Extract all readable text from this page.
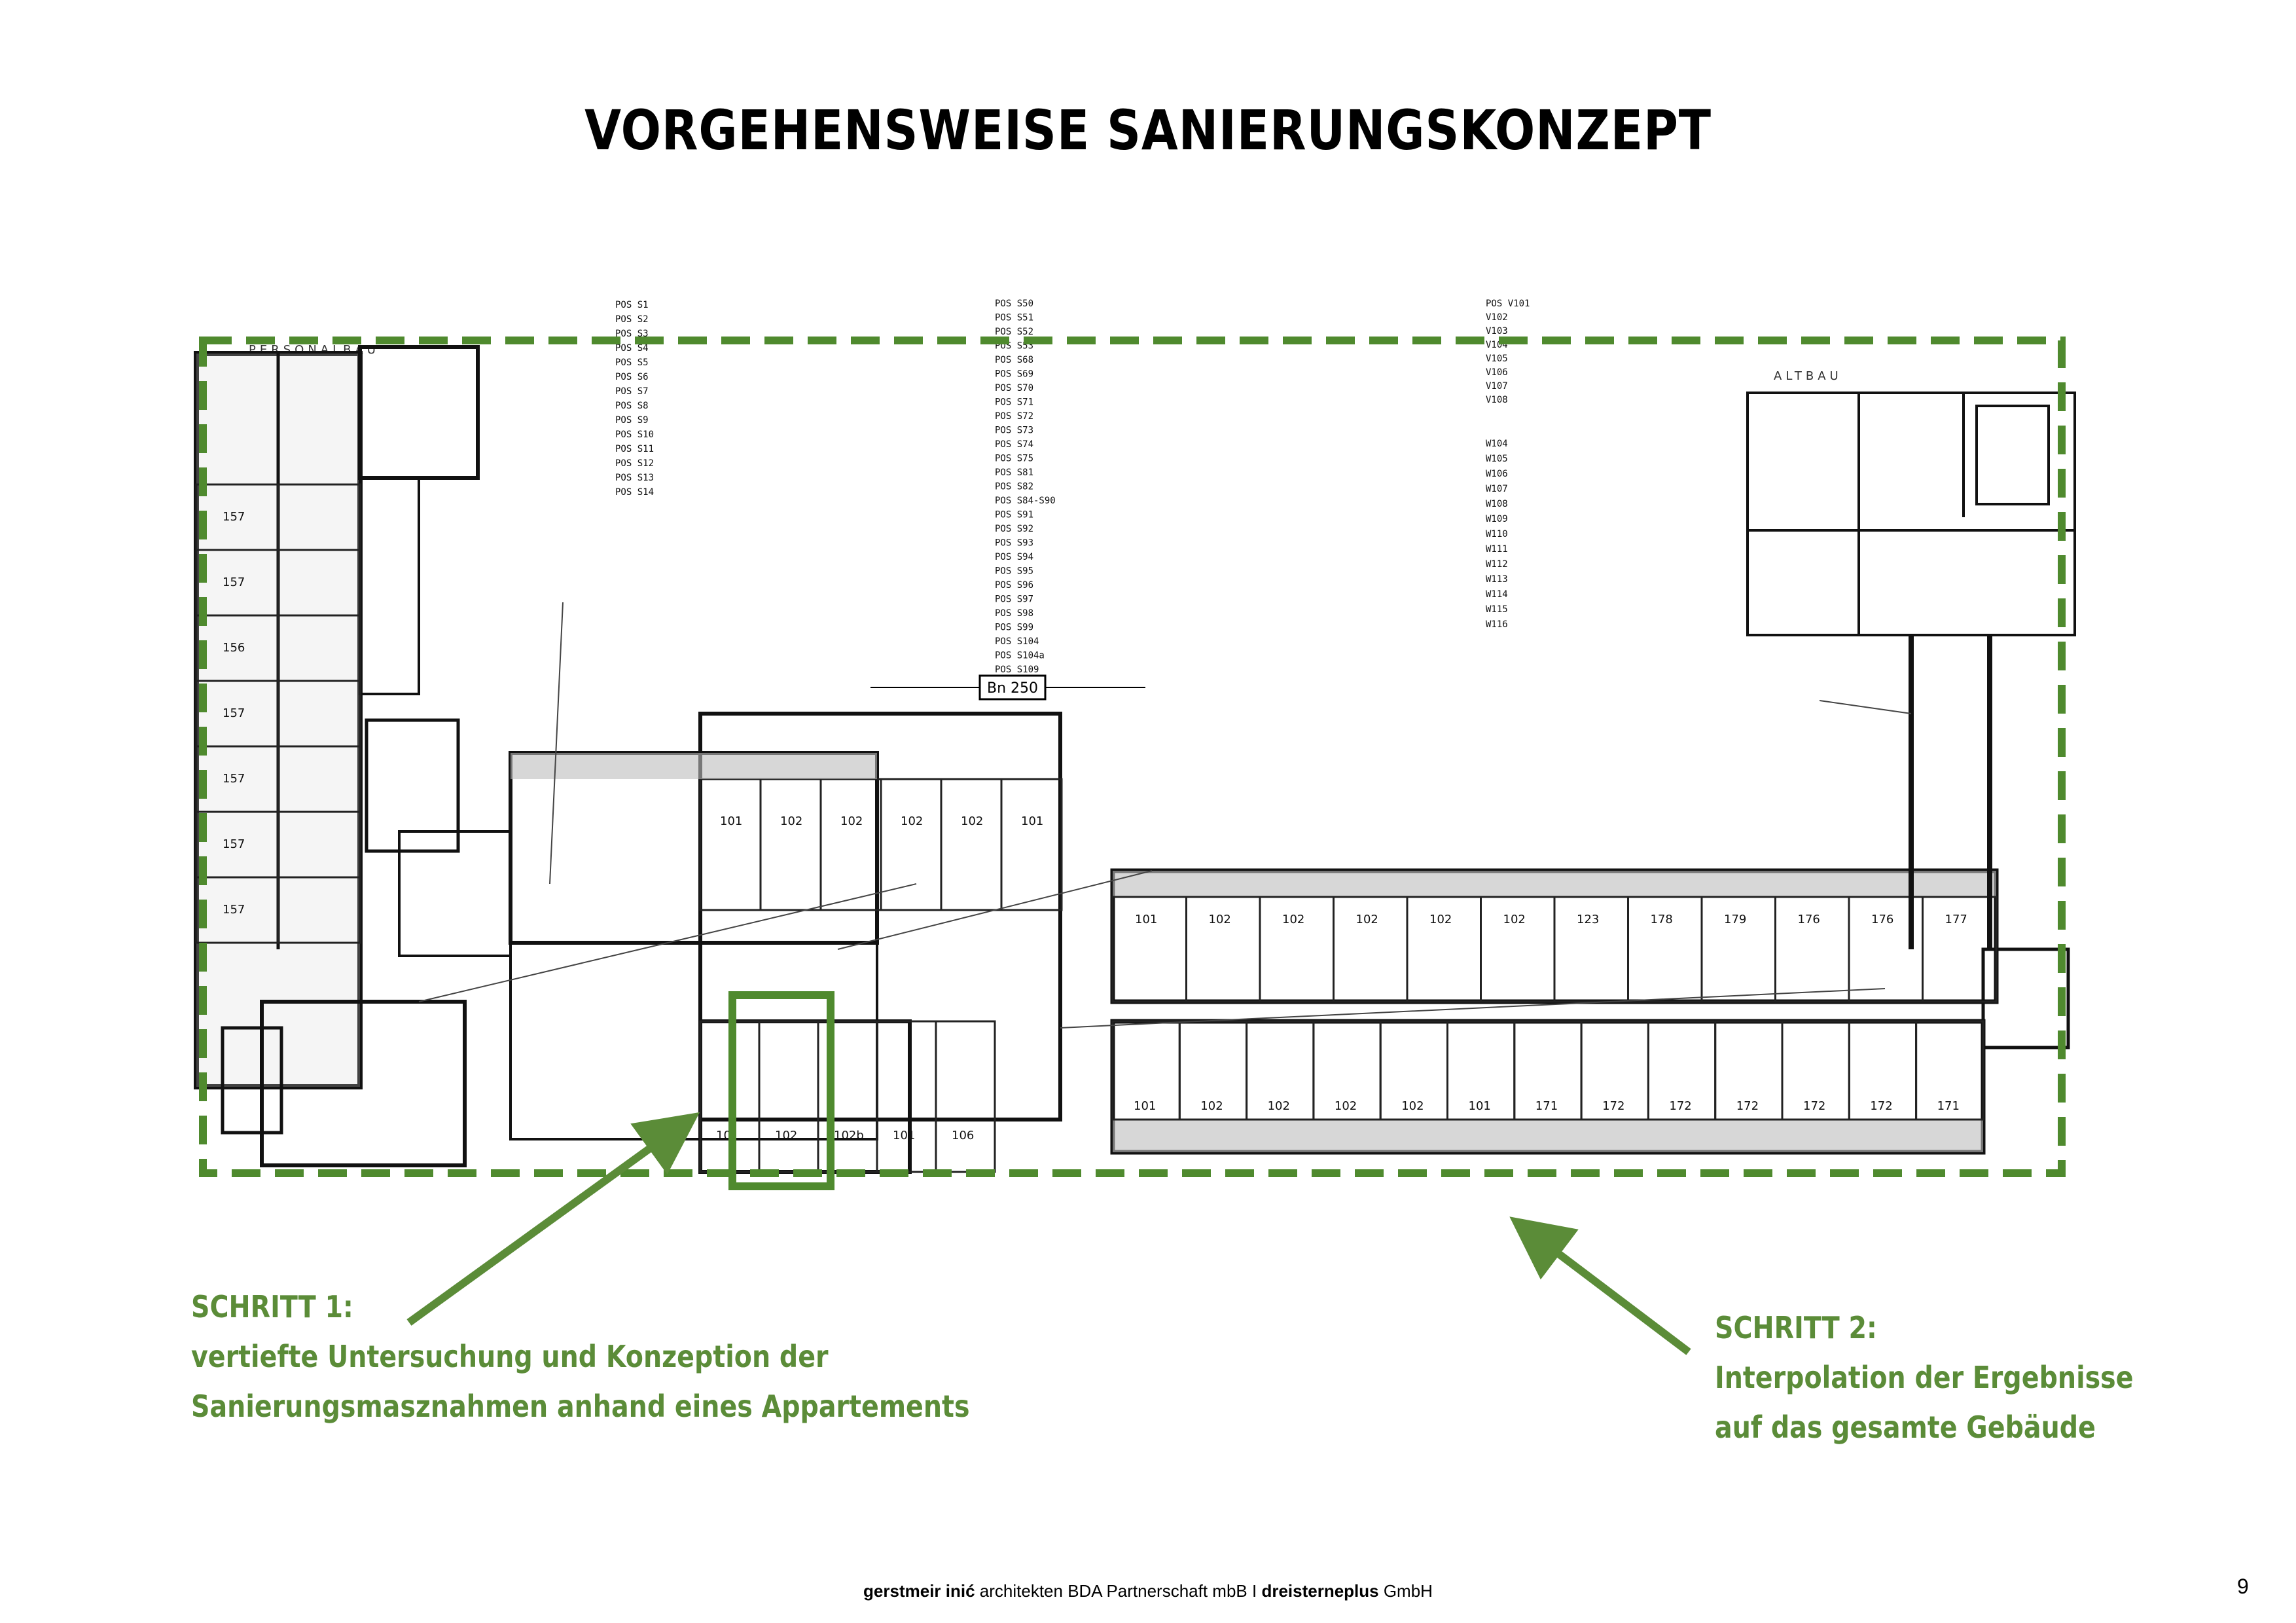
VORGEHENSWEISE SANIERUNGSKONZEPT
POS S1
POS S2
POS S3
POS S4
POS S5
POS S6
POS S7
POS S8
POS S9
POS S10
POS S11
POS S12
POS S13
POS S14
POS S50
POS S51
POS S52
POS S53
POS S68
POS S69
POS S70
POS S71
POS S72
POS S73
POS S74
POS S75
POS S81
POS S82
POS S84-S90
POS S91
POS S92
POS S93
POS S94
POS S95
POS S96
POS S97
POS S98
POS S99
POS S104
POS S104a
POS S109
POS V101
V102
V103
V104
V105
V106
V107
V108
W104
W105
W106
W107
W108
W109
W110
W111
W112
W113
W114
W115
W116
PERSONALBAU
ALTBAU
Bn 250
157
157
156
157
157
157
157
101	102	102	102	102	101
101	102	102b 101	106
101	102	102	102	102	102	123	178	179	176	176	177
101	102	102	102	102	101	171	172	172	172	172	172	171
SCHRITT 1:
vertiefte Untersuchung und Konzeption der
Sanierungsmasznahmen anhand eines Appartements
SCHRITT 2:
Interpolation der Ergebnisse
auf das gesamte Gebäude
gerstmeir inić architekten BDA Partnerschaft mbB I dreisterneplus GmbH	9
